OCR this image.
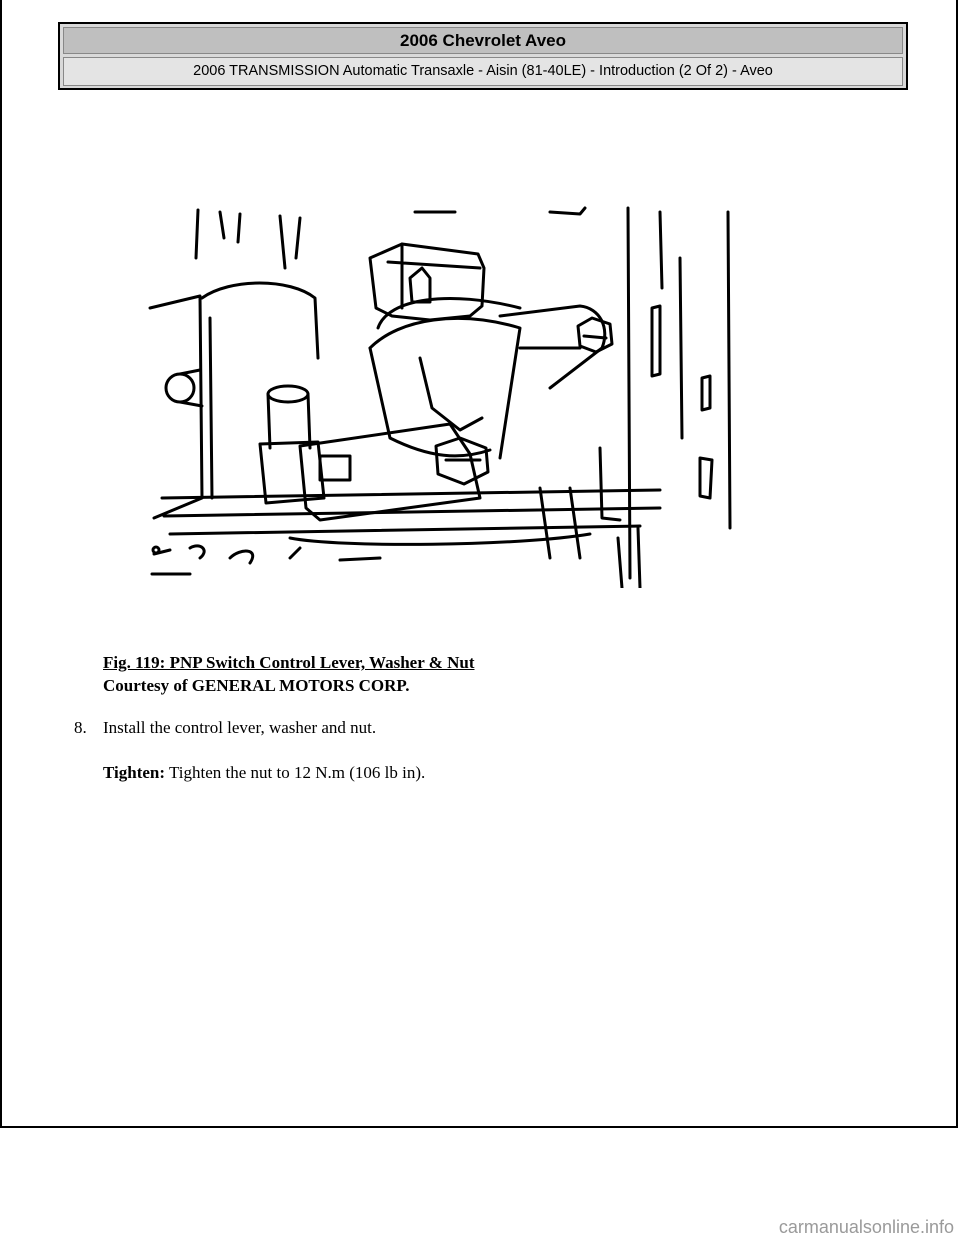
2006 Chevrolet Aveo
2006 TRANSMISSION Automatic Transaxle - Aisin (81-40LE) - Introduction (2 Of 2) - Aveo
Fig. 119: PNP Switch Control Lever, Washer & Nut
Courtesy of GENERAL MOTORS CORP.
8. Install the control lever, washer and nut.
Tighten: Tighten the nut to 12 N.m (106 lb in).
carmanualsonline.info
